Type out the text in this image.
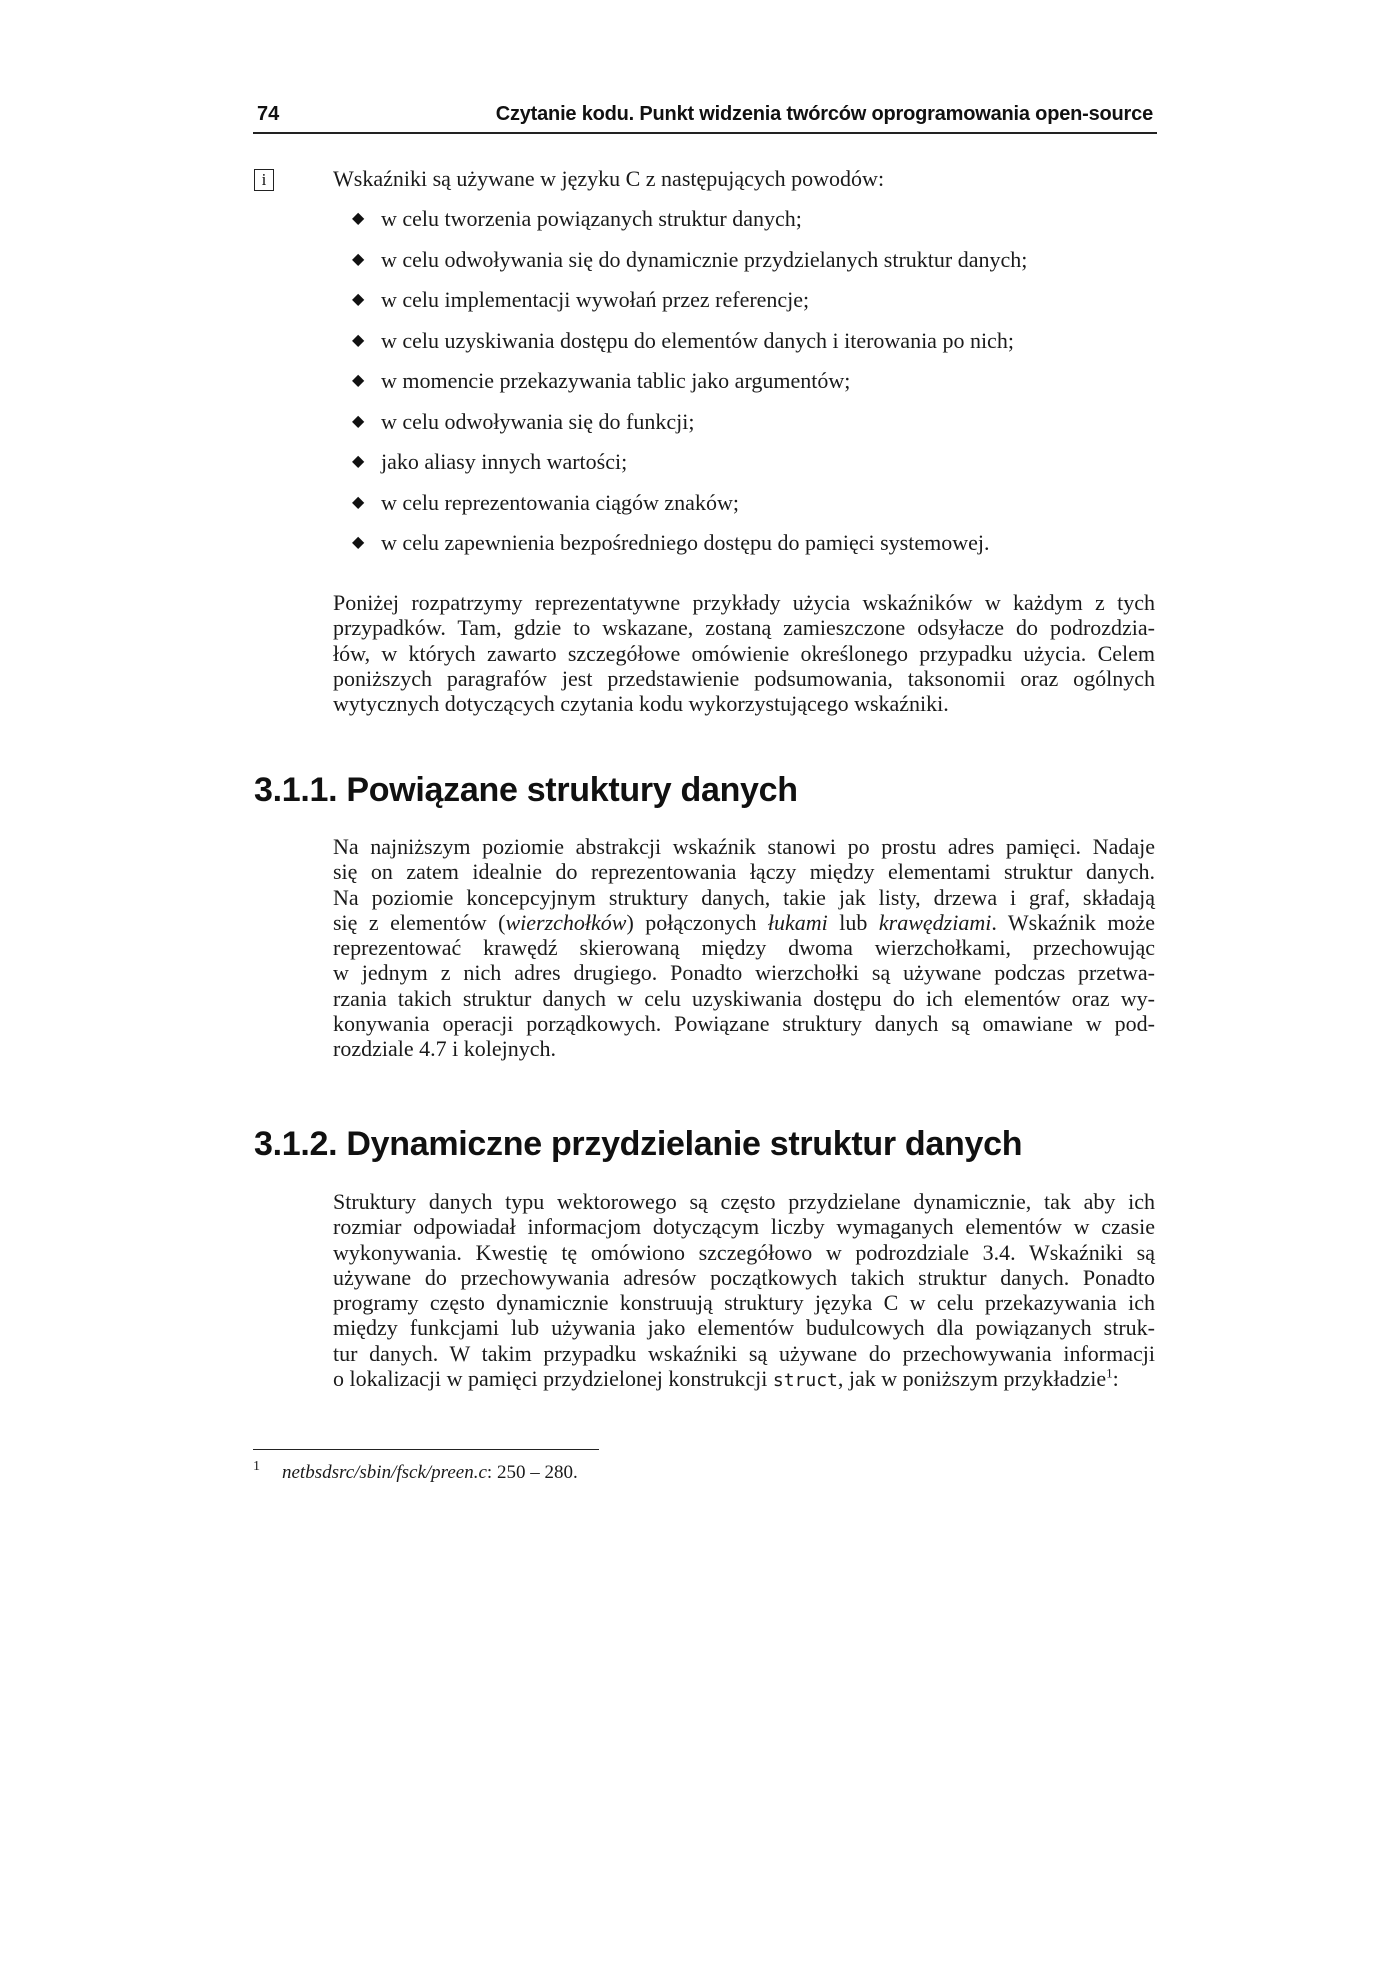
74	Czytanie kodu. Punkt widzenia twórców oprogramowania open-source
i	Wskaźniki są używane w języku C z następujących powodów:
◆ w celu tworzenia powiązanych struktur danych;
◆ w celu odwoływania się do dynamicznie przydzielanych struktur danych;
◆ w celu implementacji wywołań przez referencje;
◆ w celu uzyskiwania dostępu do elementów danych i iterowania po nich;
◆ w momencie przekazywania tablic jako argumentów;
◆ w celu odwoływania się do funkcji;
◆ jako aliasy innych wartości;
◆ w celu reprezentowania ciągów znaków;
◆ w celu zapewnienia bezpośredniego dostępu do pamięci systemowej.
Poniżej rozpatrzymy reprezentatywne przykłady użycia wskaźników w każdym z tych
przypadków. Tam, gdzie to wskazane, zostaną zamieszczone odsyłacze do podrozdzia-
łów, w których zawarto szczegółowe omówienie określonego przypadku użycia. Celem
poniższych paragrafów jest przedstawienie podsumowania, taksonomii oraz ogólnych
wytycznych dotyczących czytania kodu wykorzystującego wskaźniki.
3.1.1. Powiązane struktury danych
Na najniższym poziomie abstrakcji wskaźnik stanowi po prostu adres pamięci. Nadaje
się on zatem idealnie do reprezentowania łączy między elementami struktur danych.
Na poziomie koncepcyjnym struktury danych, takie jak listy, drzewa i graf, składają
się z elementów (wierzchołków) połączonych łukami lub krawędziami. Wskaźnik może
reprezentować krawędź skierowaną między dwoma wierzchołkami, przechowując
w jednym z nich adres drugiego. Ponadto wierzchołki są używane podczas przetwa-
rzania takich struktur danych w celu uzyskiwania dostępu do ich elementów oraz wy-
konywania operacji porządkowych. Powiązane struktury danych są omawiane w pod-
rozdziale 4.7 i kolejnych.
3.1.2. Dynamiczne przydzielanie struktur danych
Struktury danych typu wektorowego są często przydzielane dynamicznie, tak aby ich
rozmiar odpowiadał informacjom dotyczącym liczby wymaganych elementów w czasie
wykonywania. Kwestię tę omówiono szczegółowo w podrozdziale 3.4. Wskaźniki są
używane do przechowywania adresów początkowych takich struktur danych. Ponadto
programy często dynamicznie konstruują struktury języka C w celu przekazywania ich
między funkcjami lub używania jako elementów budulcowych dla powiązanych struk-
tur danych. W takim przypadku wskaźniki są używane do przechowywania informacji
o lokalizacji w pamięci przydzielonej konstrukcji struct, jak w poniższym przykładzie$^1$:
$^1$ netbsdsrc/sbin/fsck/preen.c: 250 – 280.
